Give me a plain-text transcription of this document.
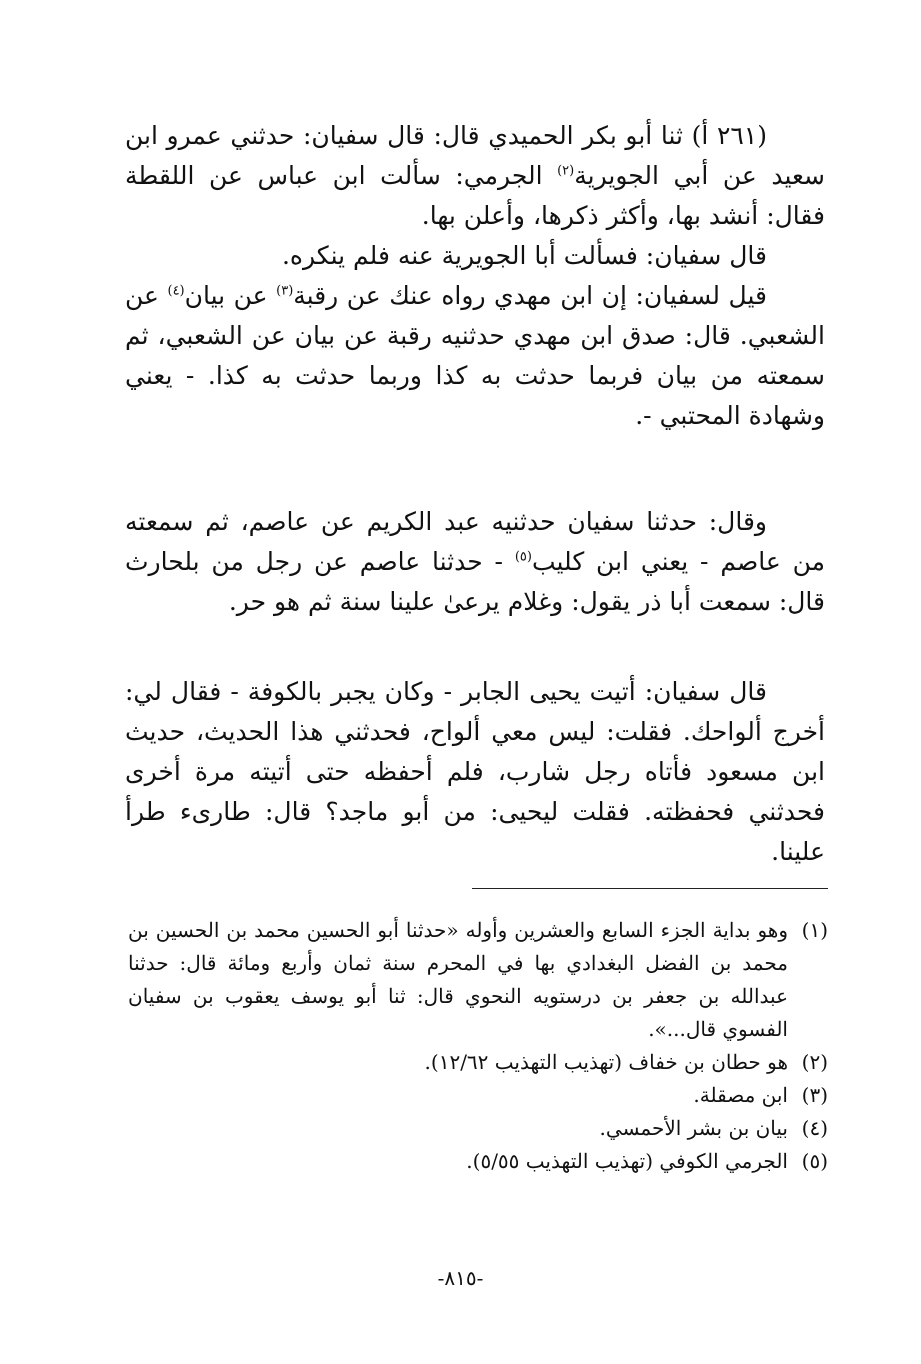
(٢٦١ أ) ثنا أبو بكر الحميدي قال: قال سفيان: حدثني عمرو ابن سعيد عن أبي الجويرية$^{(٢)}$ الجرمي: سألت ابن عباس عن اللقطة فقال: أنشد بها، وأكثر ذكرها، وأعلن بها.

قال سفيان: فسألت أبا الجويرية عنه فلم ينكره.

قيل لسفيان: إن ابن مهدي رواه عنك عن رقبة$^{(٣)}$ عن بيان$^{(٤)}$ عن الشعبي. قال: صدق ابن مهدي حدثنيه رقبة عن بيان عن الشعبي، ثم سمعته من بيان فربما حدثت به كذا وربما حدثت به كذا. - يعني وشهادة المحتبي -.

وقال: حدثنا سفيان حدثنيه عبد الكريم عن عاصم، ثم سمعته من عاصم - يعني ابن كليب$^{(٥)}$ - حدثنا عاصم عن رجل من بلحارث قال: سمعت أبا ذر يقول: وغلام يرعىٰ علينا سنة ثم هو حر.

قال سفيان: أتيت يحيى الجابر - وكان يجبر بالكوفة - فقال لي: أخرج ألواحك. فقلت: ليس معي ألواح، فحدثني هذا الحديث، حديث ابن مسعود فأتاه رجل شارب، فلم أحفظه حتى أتيته مرة أخرى فحدثني فحفظته. فقلت ليحيى: من أبو ماجد؟ قال: طارىء طرأ علينا.

(١)
وهو بداية الجزء السابع والعشرين وأوله «حدثنا أبو الحسين محمد بن الحسين بن محمد بن الفضل البغدادي بها في المحرم سنة ثمان وأربع ومائة قال: حدثنا عبدالله بن جعفر بن درستويه النحوي قال: ثنا أبو يوسف يعقوب بن سفيان الفسوي قال...».
(٢)
هو حطان بن خفاف (تهذيب التهذيب ١٢/٦٢).
(٣)
ابن مصقلة.
(٤)
بيان بن بشر الأحمسي.
(٥)
الجرمي الكوفي (تهذيب التهذيب ٥/٥٥).
-٨١٥-
